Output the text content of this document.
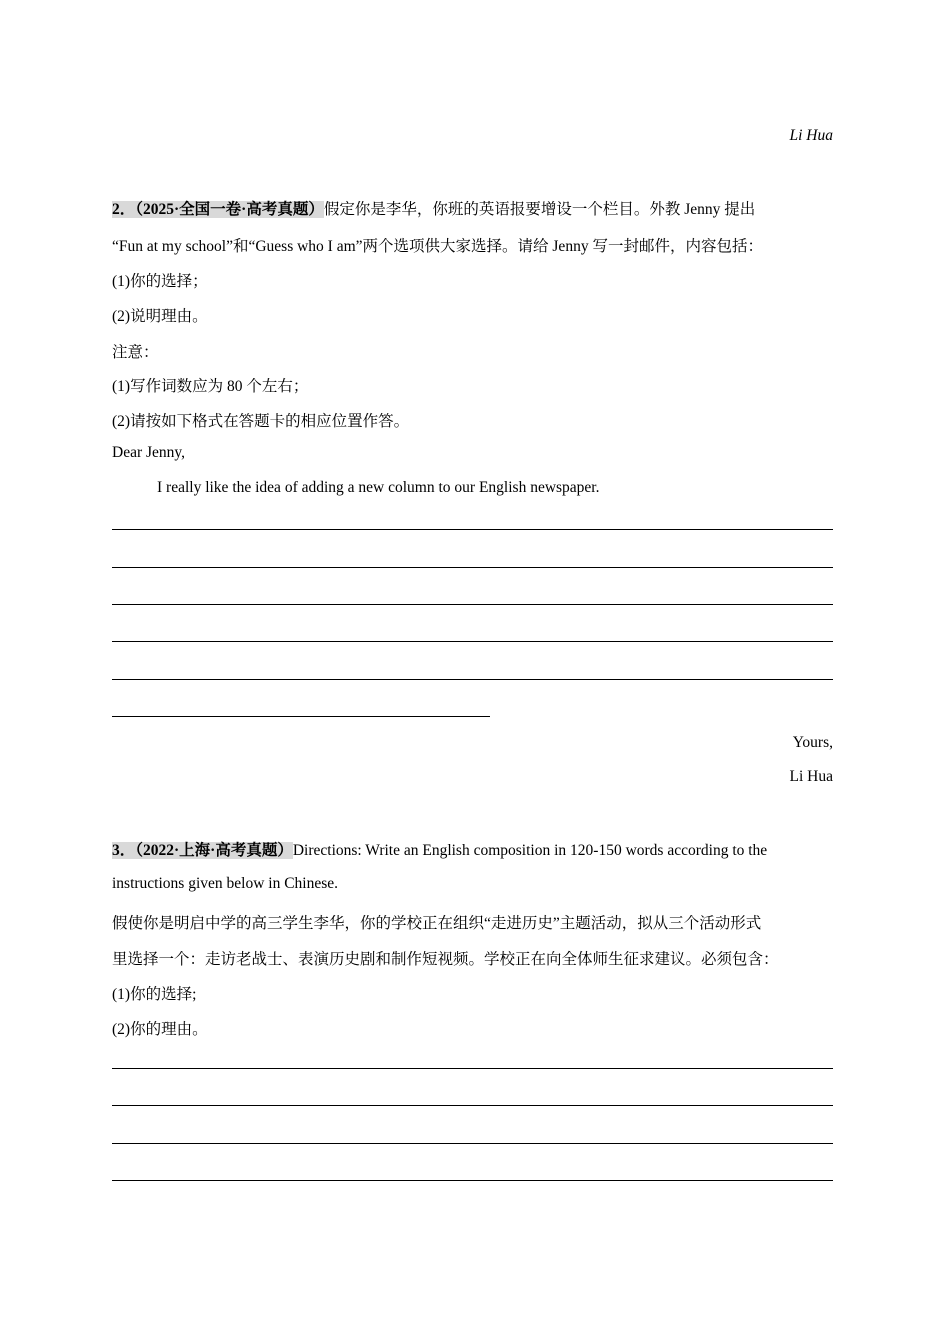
Li Hua
2．（2025·全国一卷·高考真题）假定你是李华，你班的英语报要增设一个栏目。外教 Jenny 提出
“Fun at my school”和“Guess who I am”两个选项供大家选择。请给 Jenny 写一封邮件，内容包括：
(1)你的选择；
(2)说明理由。
注意：
(1)写作词数应为 80 个左右；
(2)请按如下格式在答题卡的相应位置作答。
Dear Jenny,
I really like the idea of adding a new column to our English newspaper.
Yours,
Li Hua
3．（2022·上海·高考真题）Directions: Write an English composition in 120-150 words according to the
instructions given below in Chinese.
假使你是明启中学的高三学生李华，你的学校正在组织“走进历史”主题活动，拟从三个活动形式
里选择一个：走访老战士、表演历史剧和制作短视频。学校正在向全体师生征求建议。必须包含：
(1)你的选择;
(2)你的理由。
